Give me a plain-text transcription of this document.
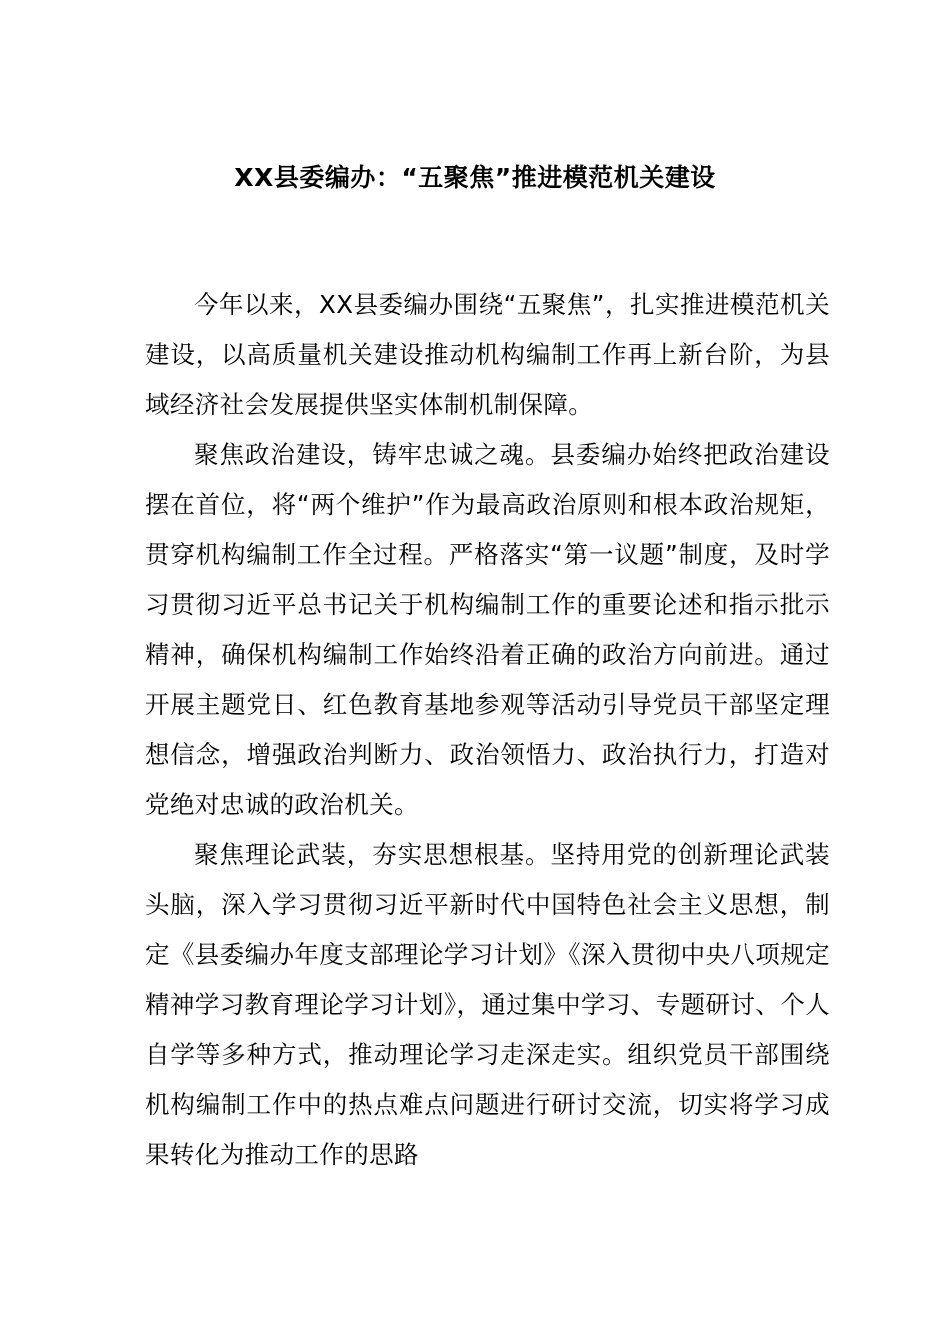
XX县委编办：“五聚焦”推进模范机关建设

今年以来，XX县委编办围绕“五聚焦”，扎实推进模范机关建设，以高质量机关建设推动机构编制工作再上新台阶，为县域经济社会发展提供坚实体制机制保障。

聚焦政治建设，铸牢忠诚之魂。县委编办始终把政治建设摆在首位，将“两个维护”作为最高政治原则和根本政治规矩，贯穿机构编制工作全过程。严格落实“第一议题”制度，及时学习贯彻习近平总书记关于机构编制工作的重要论述和指示批示精神，确保机构编制工作始终沿着正确的政治方向前进。通过开展主题党日、红色教育基地参观等活动引导党员干部坚定理想信念，增强政治判断力、政治领悟力、政治执行力，打造对党绝对忠诚的政治机关。

聚焦理论武装，夯实思想根基。坚持用党的创新理论武装头脑，深入学习贯彻习近平新时代中国特色社会主义思想，制定《县委编办年度支部理论学习计划》《深入贯彻中央八项规定精神学习教育理论学习计划》，通过集中学习、专题研讨、个人自学等多种方式，推动理论学习走深走实。组织党员干部围绕机构编制工作中的热点难点问题进行研讨交流，切实将学习成果转化为推动工作的思路
